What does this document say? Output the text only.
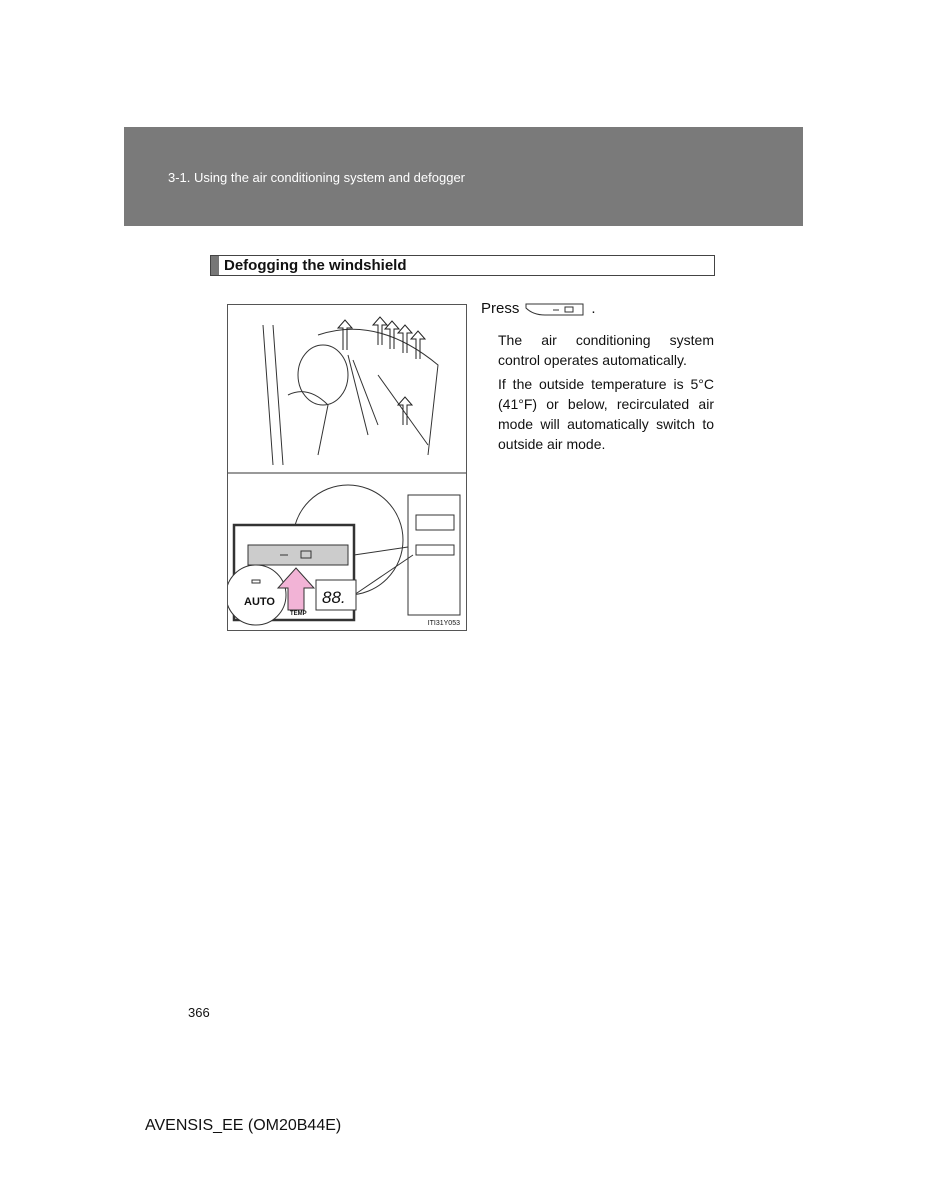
3-1. Using the air conditioning system and defogger
Defogging the windshield
AUTO
TEMP
88.
ITI31Y053
Press	.
The air conditioning system control operates automatically.
If the outside temperature is 5°C (41°F) or below, recirculated air mode will automatically switch to outside air mode.
366
AVENSIS_EE (OM20B44E)
